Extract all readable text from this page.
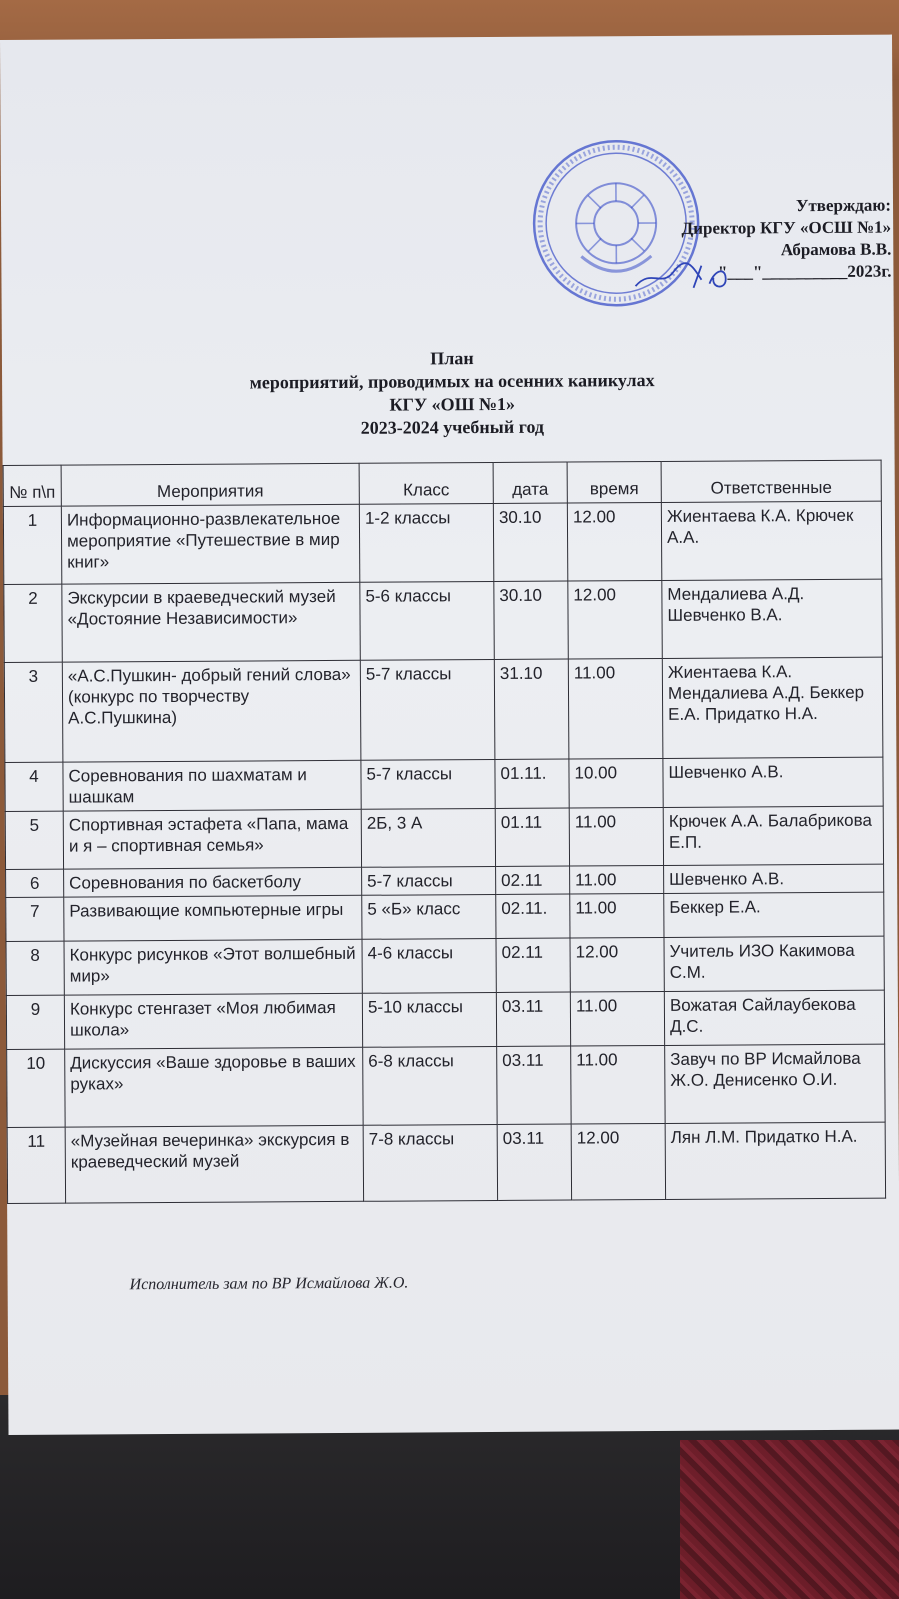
Утверждаю:
Директор КГУ «ОСШ №1»
Абрамова В.В.
"___"__________2023г.
План
мероприятий, проводимых на осенних каникулах
КГУ «ОШ №1»
2023-2024 учебный год
№ п\п	Мероприятия	Класс	дата	время	Ответственные
1	Информационно-развлекательное мероприятие «Путешествие в мир книг»	1-2 классы	30.10	12.00	Жиентаева К.А. Крючек А.А.
2	Экскурсии в краеведческий музей «Достояние Независимости»	5-6 классы	30.10	12.00	Мендалиева А.Д. Шевченко В.А.
3	«А.С.Пушкин- добрый гений слова» (конкурс по творчеству А.С.Пушкина)	5-7 классы	31.10	11.00	Жиентаева К.А. Мендалиева А.Д. Беккер Е.А. Придатко Н.А.
4	Соревнования по шахматам и шашкам	5-7 классы	01.11.	10.00	Шевченко А.В.
5	Спортивная эстафета «Папа, мама и я – спортивная семья»	2Б, 3 А	01.11	11.00	Крючек А.А. Балабрикова Е.П.
6	Соревнования по баскетболу	5-7 классы	02.11	11.00	Шевченко А.В.
7	Развивающие компьютерные игры	5 «Б» класс	02.11.	11.00	Беккер Е.А.
8	Конкурс рисунков «Этот волшебный мир»	4-6 классы	02.11	12.00	Учитель ИЗО Какимова С.М.
9	Конкурс стенгазет «Моя любимая школа»	5-10 классы	03.11	11.00	Вожатая Сайлаубекова Д.С.
10	Дискуссия «Ваше здоровье в ваших руках»	6-8 классы	03.11	11.00	Завуч по ВР Исмайлова Ж.О. Денисенко О.И.
11	«Музейная вечеринка» экскурсия в краеведческий музей	7-8 классы	03.11	12.00	Лян Л.М. Придатко Н.А.
Исполнитель зам по ВР Исмайлова Ж.О.
